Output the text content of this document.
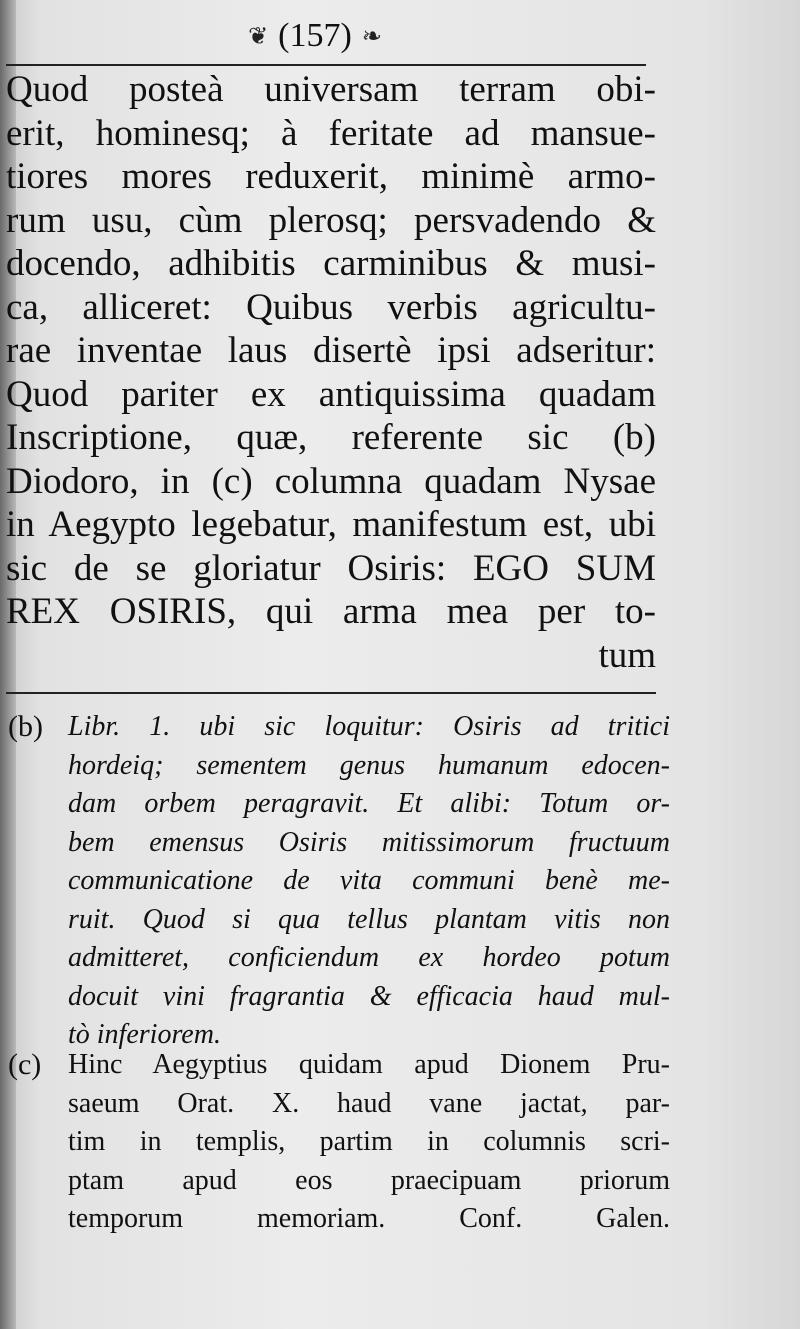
❦ (157) ❧
Quod posteà universam terram obi-
erit, hominesq; à feritate ad mansue-
tiores mores reduxerit, minimè armo-
rum usu, cùm plerosq; persvadendo &
docendo, adhibitis carminibus & musi-
ca, alliceret: Quibus verbis agricultu-
rae inventae laus disertè ipsi adseritur:
Quod pariter ex antiquissima quadam
Inscriptione, quæ, referente sic (b)
Diodoro, in (c) columna quadam Nysae
in Aegypto legebatur, manifestum est, ubi
sic de se gloriatur Osiris: EGO SUM
REX OSIRIS, qui arma mea per to-
tum
(b) Libr. 1. ubi sic loquitur: Osiris ad tritici
hordeiq; sementem genus humanum edocen-
dam orbem peragravit. Et alibi: Totum or-
bem emensus Osiris mitissimorum fructuum
communicatione de vita communi benè me-
ruit. Quod si qua tellus plantam vitis non
admitteret, conficiendum ex hordeo potum
docuit vini fragrantia & efficacia haud mul-
tò inferiorem.
(c) Hinc Aegyptius quidam apud Dionem Pru-
saeum Orat. X. haud vane jactat, par-
tim in templis, partim in columnis scri-
ptam apud eos praecipuam priorum
temporum memoriam. Conf. Galen.
